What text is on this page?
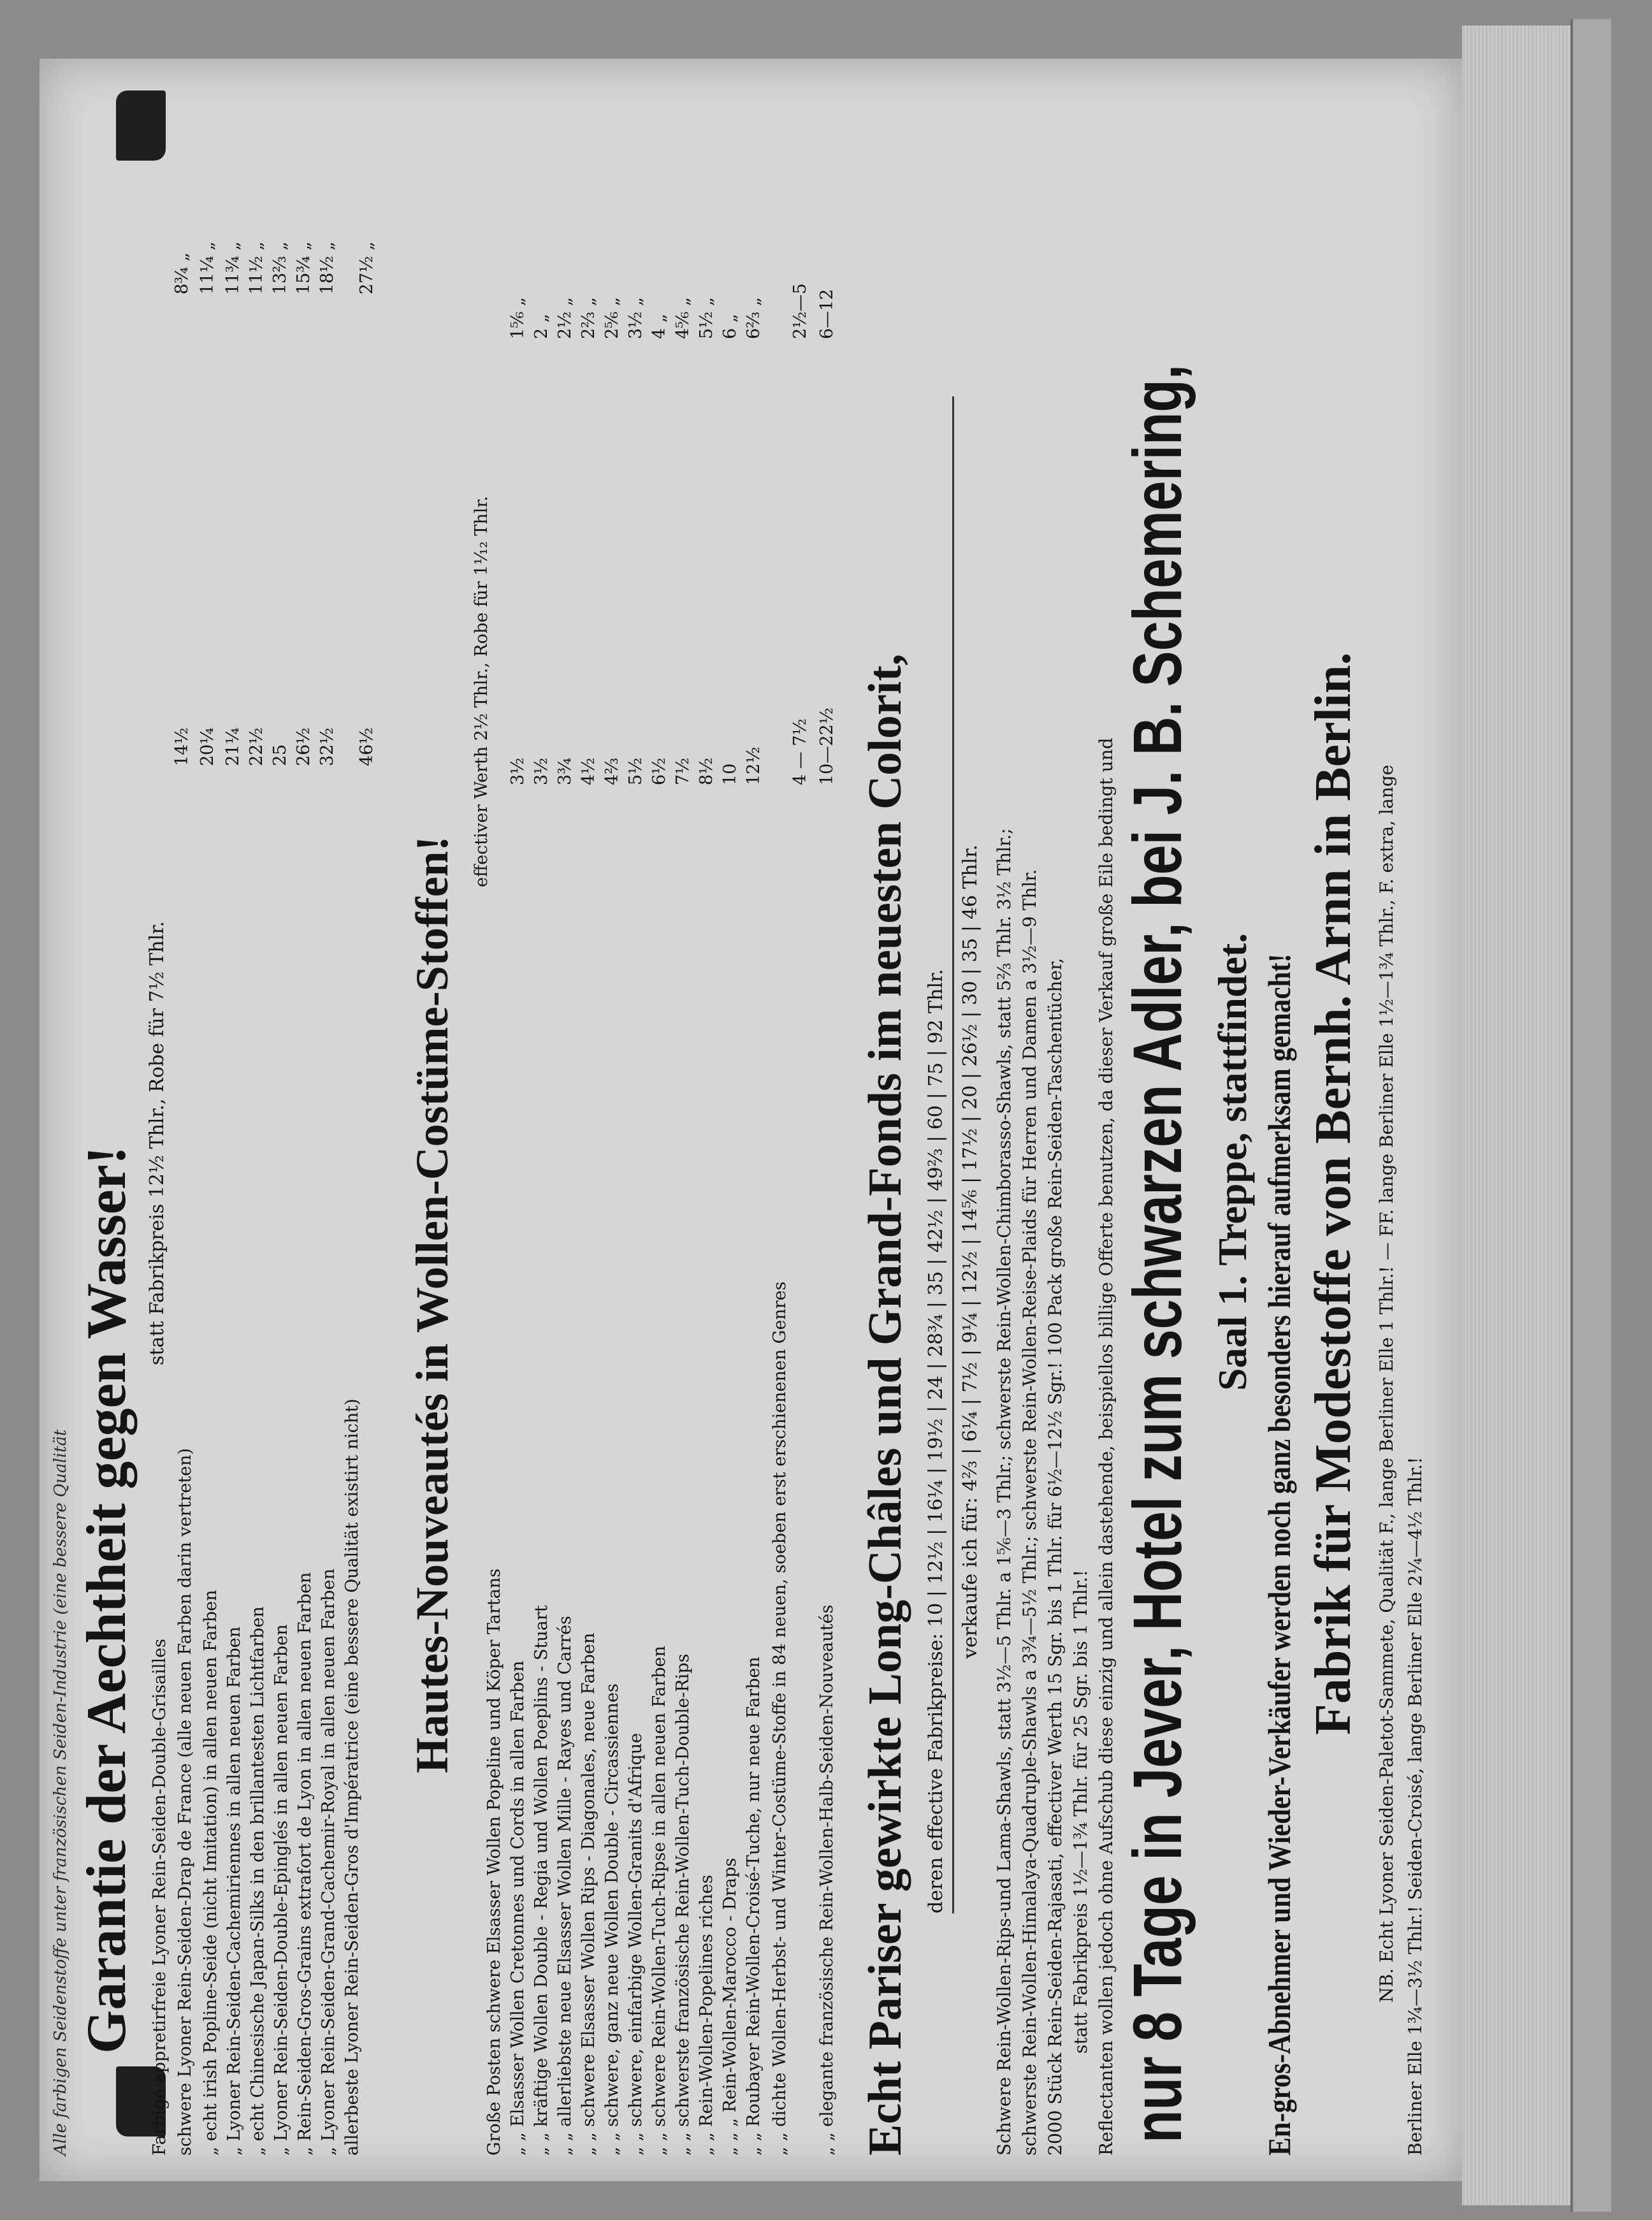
Alle farbigen Seidenstoffe unter französischen Seiden-Industrie (eine bessere Qualität Garantie der Aechtheit gegen Wasser!
statt Fabrikpreis 12½ Thlr., Robe für 7½ Thlr.
Farbige appretirfreie Lyoner Rein-Seiden-Double-Grisailles schwere Lyoner Rein-Seiden-Drap de France (alle neuen Farben darin vertreten) „ echt irish Popline-Seide (nicht Imitation) in allen neuen Farben „ Lyoner Rein-Seiden-Cachemiriennes in allen neuen Farben „ echt Chinesische Japan-Silks in den brillantesten Lichtfarben „ Lyoner Rein-Seiden-Double-Epinglés in allen neuen Farben „ Rein-Seiden-Gros-Grains extrafort de Lyon in allen neuen Farben „ Lyoner Rein-Seiden-Grand-Cachemir-Royal in allen neuen Farben allerbeste Lyoner Rein-Seiden-Gros d'Impératrice (eine bessere Qualität existirt nicht)
14½ 20¼ 21¼ 22½ 25 26½ 32½ 46½
8¾ „ 11¼ „ 11¾ „ 11½ „ 13⅔ „ 15¾ „ 18½ „ 27½ „
Hautes-Nouveautés in Wollen-Costüme-Stoffen!
effectiver Werth 2½ Thlr., Robe für 1⅟₁₂ Thlr.
Große Posten schwere Elsasser Wollen Popeline und Köper Tartans „ „ Elsasser Wollen Cretonnes und Cords in allen Farben „ „ kräftige Wollen Double - Regia und Wollen Poeplins - Stuart „ „ allerliebste neue Elsasser Wollen Mille - Rayes und Carrés „ „ schwere Elsasser Wollen Rips - Diagonales, neue Farben „ „ schwere, ganz neue Wollen Double - Circassiennes „ „ schwere, einfarbige Wollen-Granits d'Afrique „ „ schwere Rein-Wollen-Tuch-Ripse in allen neuen Farben „ „ schwerste französische Rein-Wollen-Tuch-Double-Rips „ „ Rein-Wollen-Popelines riches „ „ „ Rein-Wollen-Marocco - Draps „ „ Roubayer Rein-Wollen-Croisé-Tuche, nur neue Farben „ „ dichte Wollen-Herbst- und Winter-Costüme-Stoffe in 84 neuen, soeben erst erschienenen Genres „ „ elegante französische Rein-Wollen-Halb-Seiden-Nouveautés
3½ 3½ 3¾ 4½ 4⅔ 5½ 6½ 7½ 8½ 10 12½ 4 — 7½ 10—22½
1⅚ „ 2 „ 2½ „ 2⅔ „ 2⅚ „ 3½ „ 4 „ 4⅚ „ 5½ „ 6 „ 6⅔ „ 2½—5 6—12
Echt Pariser gewirkte Long-Châles und Grand-Fonds im neuesten Colorit, deren effective Fabrikpreise: 10 | 12½ | 16¼ | 19½ | 24 | 28¾ | 35 | 42½ | 49⅔ | 60 | 75 | 92 Thlr. verkaufe ich für: 4⅔ | 6¼ | 7½ | 9¼ | 12½ | 14⅚ | 17½ | 20 | 26½ | 30 | 35 | 46 Thlr. Schwere Rein-Wollen-Rips-und Lama-Shawls, statt 3½—5 Thlr. a 1⅚—3 Thlr.; schwerste Rein-Wollen-Chimborasso-Shawls, statt 5⅔ Thlr. 3½ Thlr.; schwerste Rein-Wollen-Himalaya-Quadruple-Shawls a 3¾—5½ Thlr.; schwerste Rein-Wollen-Reise-Plaids für Herren und Damen a 3½—9 Thlr. 2000 Stück Rein-Seiden-Rajasati, effectiver Werth 15 Sgr. bis 1 Thlr. für 6½—12½ Sgr.! 100 Pack große Rein-Seiden-Taschentücher, statt Fabrikpreis 1½—1¾ Thlr. für 25 Sgr. bis 1 Thlr.! Reflectanten wollen jedoch ohne Aufschub diese einzig und allein dastehende, beispiellos billige Offerte benutzen, da dieser Verkauf große Eile bedingt und nur 8 Tage in Jever, Hotel zum schwarzen Adler, bei J. B. Schemering, Saal 1. Treppe, stattfindet. En-gros-Abnehmer und Wieder-Verkäufer werden noch ganz besonders hierauf aufmerksam gemacht! Fabrik für Modestoffe von Bernh. Arnn in Berlin. NB. Echt Lyoner Seiden-Paletot-Sammete, Qualität F., lange Berliner Elle 1 Thlr.! — FF. lange Berliner Elle 1½—1¾ Thlr., F. extra, lange Berliner Elle 1¾—3½ Thlr.! Seiden-Croisé, lange Berliner Elle 2¼—4½ Thlr.!
